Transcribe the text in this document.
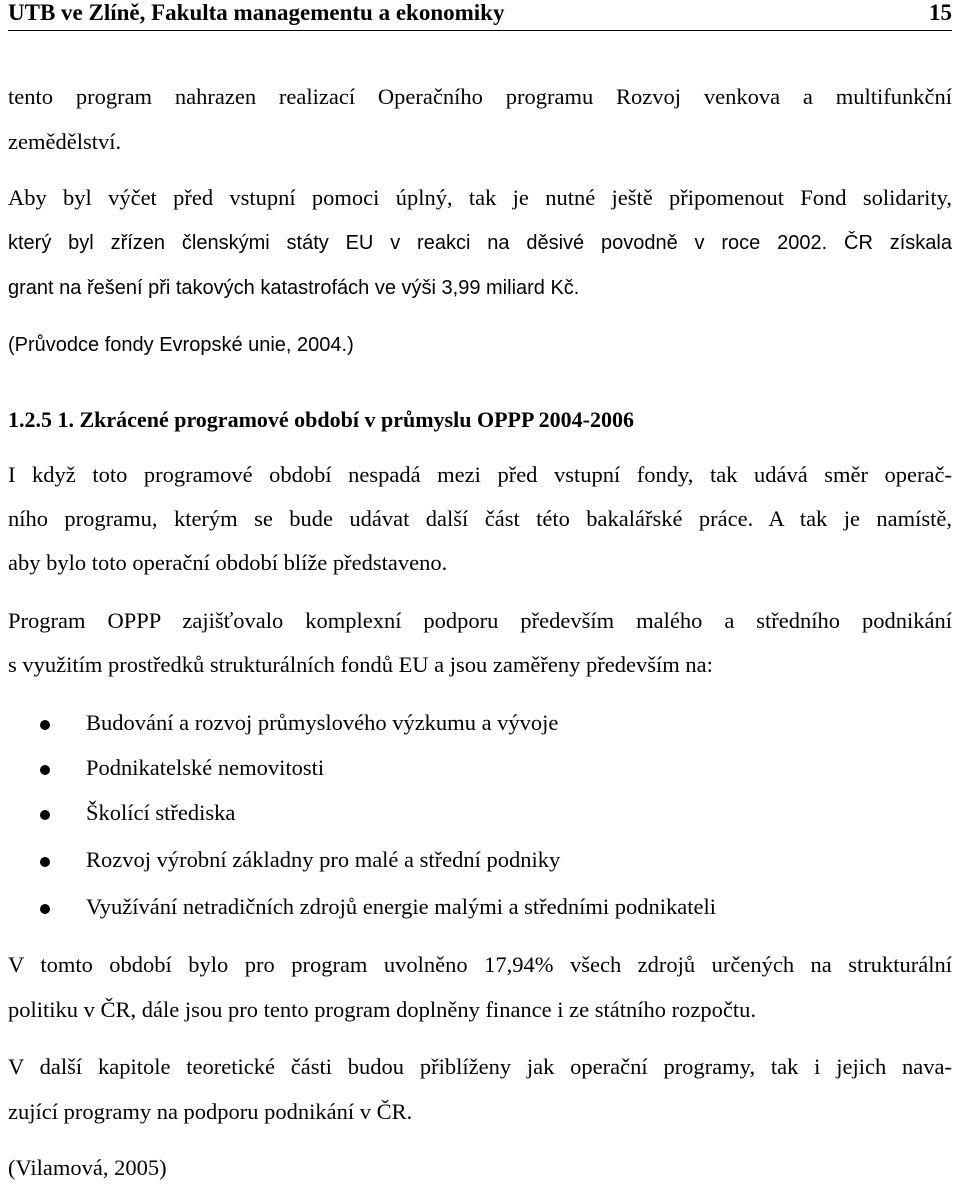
UTB ve Zlíně, Fakulta managementu a ekonomiky	15
tento program nahrazen realizací Operačního programu Rozvoj venkova a multifunkční
zemědělství.
Aby byl výčet před vstupní pomoci úplný, tak je nutné ještě připomenout Fond solidarity,
který byl zřízen členskými státy EU v reakci na děsivé povodně v roce 2002. ČR získala
grant na řešení při takových katastrofách ve výši 3,99 miliard Kč.
(Průvodce fondy Evropské unie, 2004.)
1.2.5 1. Zkrácené programové období v průmyslu OPPP 2004-2006
I když toto programové období nespadá mezi před vstupní fondy, tak udává směr operač-
ního programu, kterým se bude udávat další část této bakalářské práce. A tak je namístě,
aby bylo toto operační období blíže představeno.
Program OPPP zajišťovalo komplexní podporu především malého a středního podnikání
s využitím prostředků strukturálních fondů EU a jsou zaměřeny především na:
Budování a rozvoj průmyslového výzkumu a vývoje
Podnikatelské nemovitosti
Školící střediska
Rozvoj výrobní základny pro malé a střední podniky
Využívání netradičních zdrojů energie malými a středními podnikateli
V tomto období bylo pro program uvolněno 17,94% všech zdrojů určených na strukturální
politiku v ČR, dále jsou pro tento program doplněny finance i ze státního rozpočtu.
V další kapitole teoretické části budou přiblíženy jak operační programy, tak i jejich nava-
zující programy na podporu podnikání v ČR.
(Vilamová, 2005)
